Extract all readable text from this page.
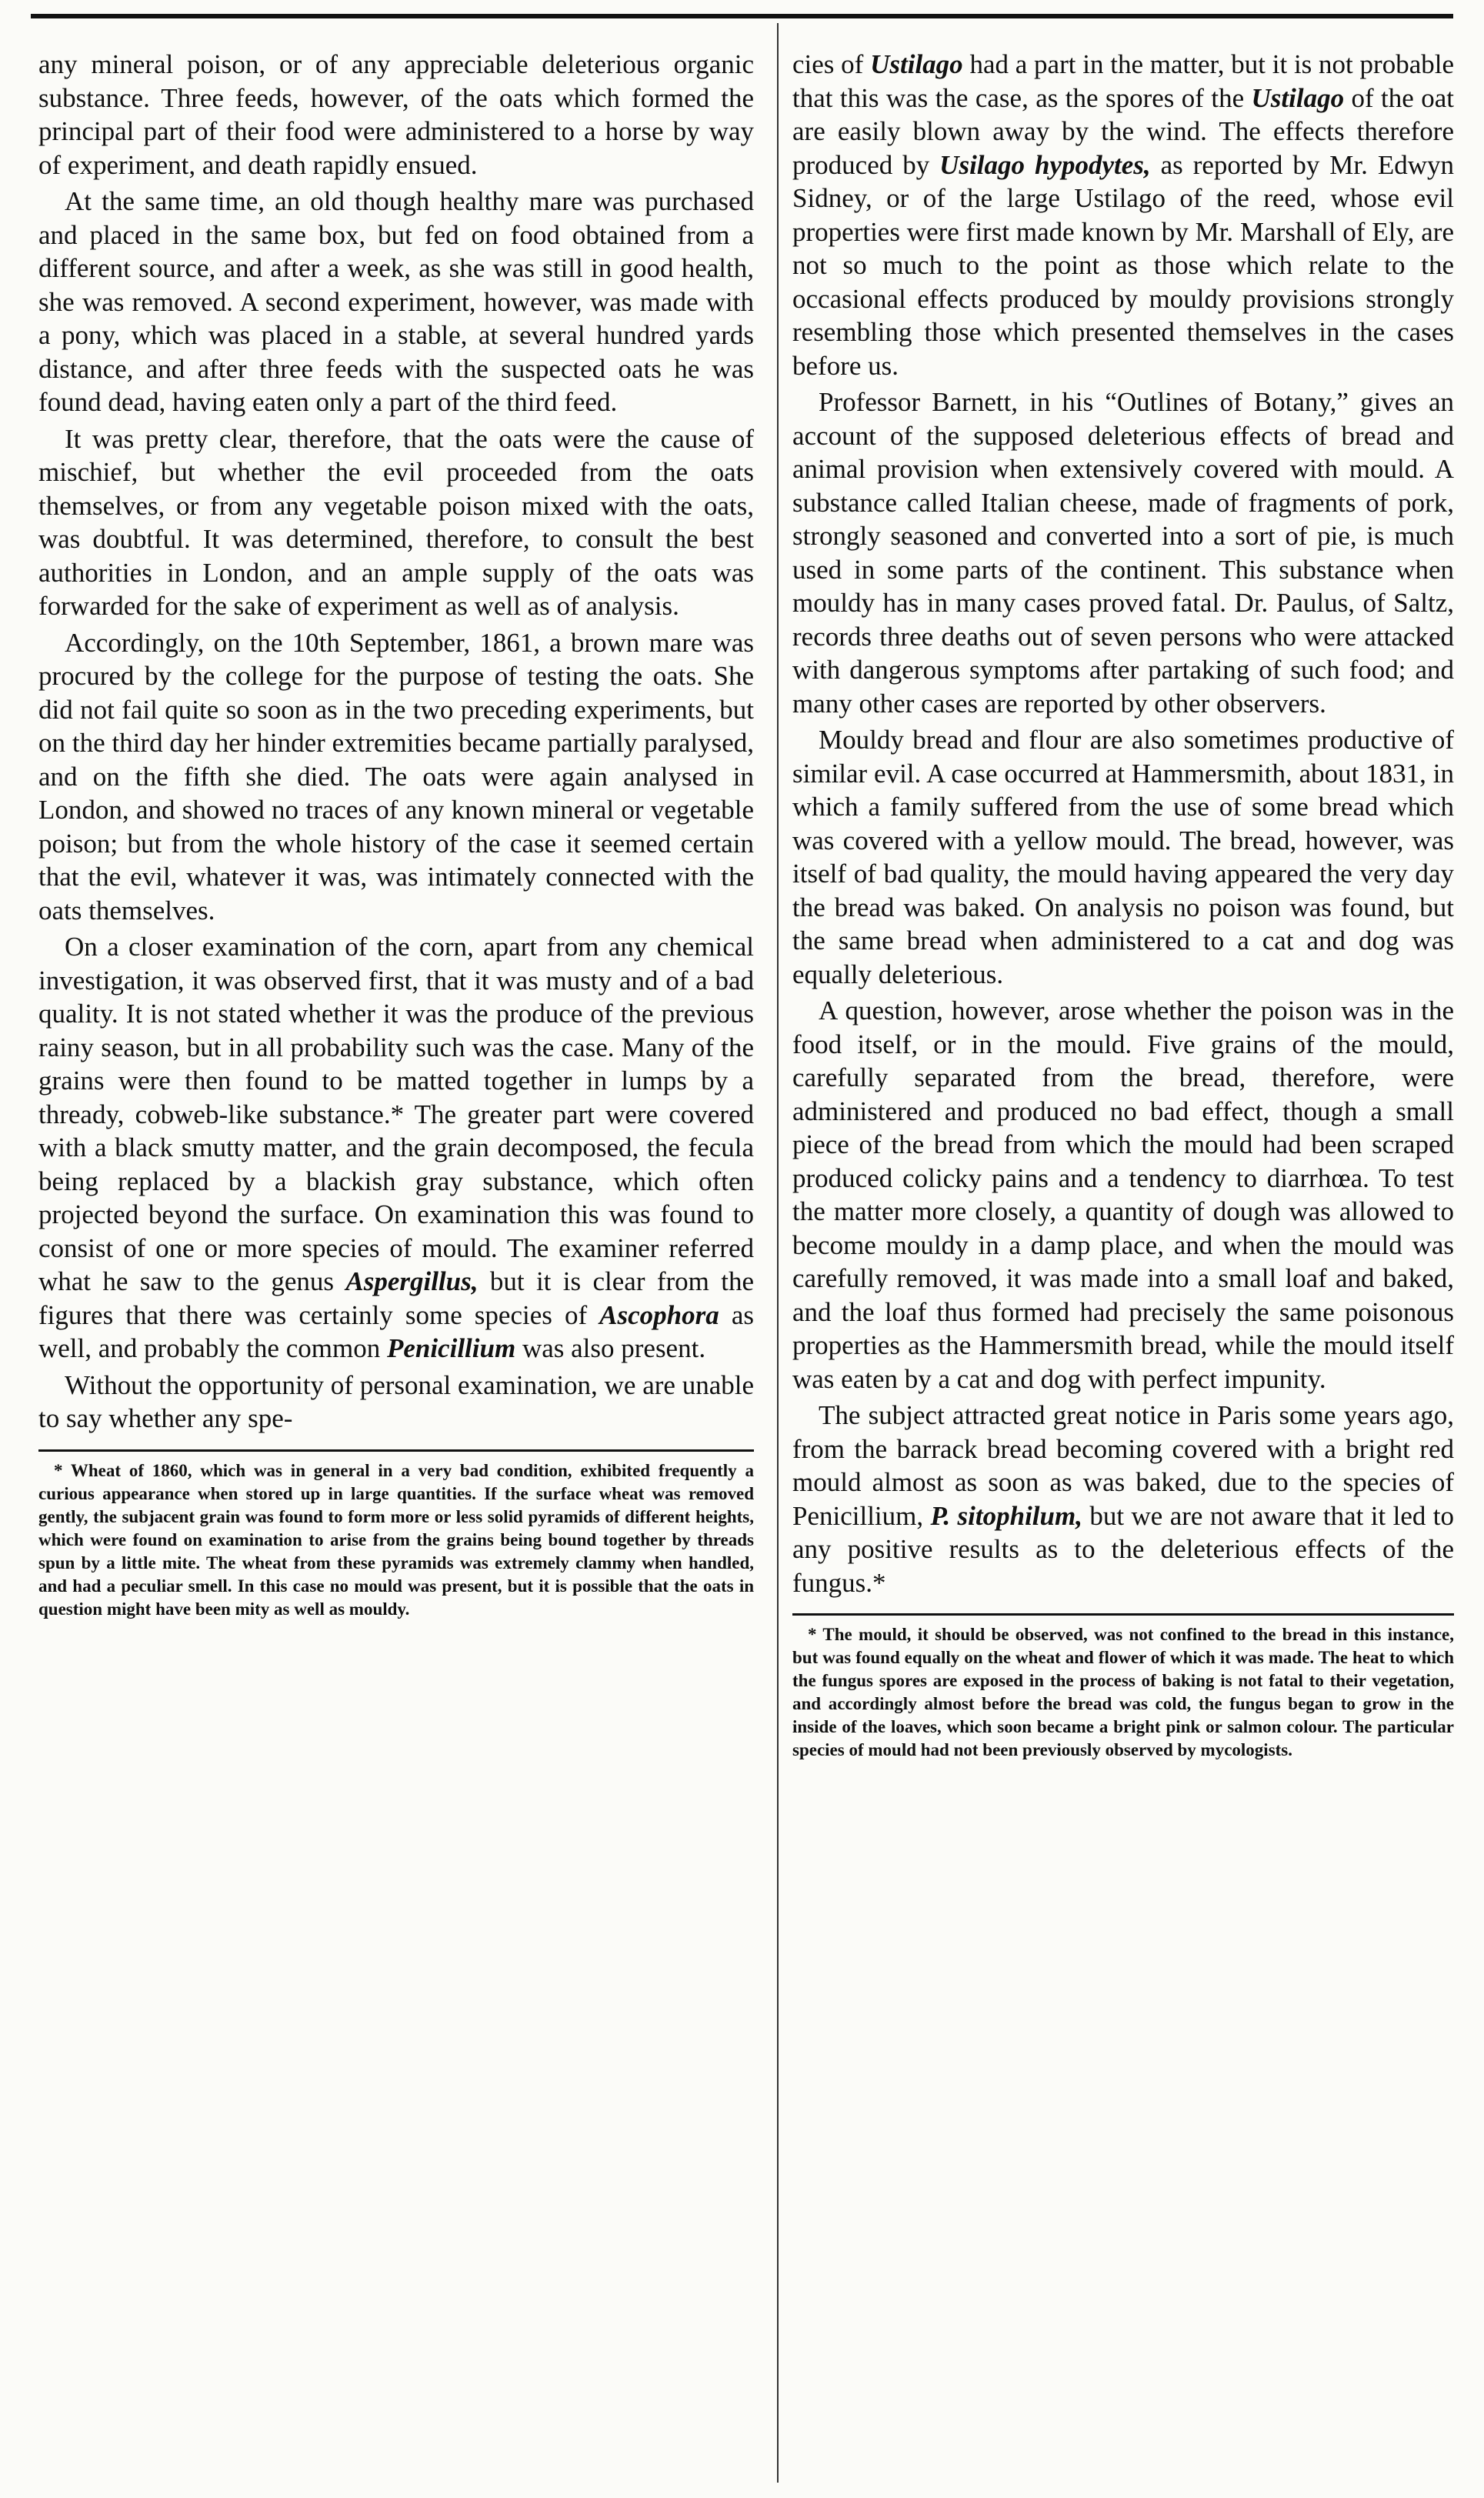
any mineral poison, or of any appreciable deleterious organic substance. Three feeds, however, of the oats which formed the principal part of their food were administered to a horse by way of experiment, and death rapidly ensued.

At the same time, an old though healthy mare was purchased and placed in the same box, but fed on food obtained from a different source, and after a week, as she was still in good health, she was removed. A second experiment, however, was made with a pony, which was placed in a stable, at several hundred yards distance, and after three feeds with the suspected oats he was found dead, having eaten only a part of the third feed.

It was pretty clear, therefore, that the oats were the cause of mischief, but whether the evil proceeded from the oats themselves, or from any vegetable poison mixed with the oats, was doubtful. It was determined, therefore, to consult the best authorities in London, and an ample supply of the oats was forwarded for the sake of experiment as well as of analysis.

Accordingly, on the 10th September, 1861, a brown mare was procured by the college for the purpose of testing the oats. She did not fail quite so soon as in the two preceding experiments, but on the third day her hinder extremities became partially paralysed, and on the fifth she died. The oats were again analysed in London, and showed no traces of any known mineral or vegetable poison; but from the whole history of the case it seemed certain that the evil, whatever it was, was intimately connected with the oats themselves.

On a closer examination of the corn, apart from any chemical investigation, it was observed first, that it was musty and of a bad quality. It is not stated whether it was the produce of the previous rainy season, but in all probability such was the case. Many of the grains were then found to be matted together in lumps by a thready, cobweb-like substance.* The greater part were covered with a black smutty matter, and the grain decomposed, the fecula being replaced by a blackish gray substance, which often projected beyond the surface. On examination this was found to consist of one or more species of mould. The examiner referred what he saw to the genus Aspergillus, but it is clear from the figures that there was certainly some species of Ascophora as well, and probably the common Penicillium was also present.

Without the opportunity of personal examination, we are unable to say whether any spe-

* Wheat of 1860, which was in general in a very bad condition, exhibited frequently a curious appearance when stored up in large quantities. If the surface wheat was removed gently, the subjacent grain was found to form more or less solid pyramids of different heights, which were found on examination to arise from the grains being bound together by threads spun by a little mite. The wheat from these pyramids was extremely clammy when handled, and had a peculiar smell. In this case no mould was present, but it is possible that the oats in question might have been mity as well as mouldy.

cies of Ustilago had a part in the matter, but it is not probable that this was the case, as the spores of the Ustilago of the oat are easily blown away by the wind. The effects therefore produced by Usilago hypodytes, as reported by Mr. Edwyn Sidney, or of the large Ustilago of the reed, whose evil properties were first made known by Mr. Marshall of Ely, are not so much to the point as those which relate to the occasional effects produced by mouldy provisions strongly resembling those which presented themselves in the cases before us.

Professor Barnett, in his “Outlines of Botany,” gives an account of the supposed deleterious effects of bread and animal provision when extensively covered with mould. A substance called Italian cheese, made of fragments of pork, strongly seasoned and converted into a sort of pie, is much used in some parts of the continent. This substance when mouldy has in many cases proved fatal. Dr. Paulus, of Saltz, records three deaths out of seven persons who were attacked with dangerous symptoms after partaking of such food; and many other cases are reported by other observers.

Mouldy bread and flour are also sometimes productive of similar evil. A case occurred at Hammersmith, about 1831, in which a family suffered from the use of some bread which was covered with a yellow mould. The bread, however, was itself of bad quality, the mould having appeared the very day the bread was baked. On analysis no poison was found, but the same bread when administered to a cat and dog was equally deleterious.

A question, however, arose whether the poison was in the food itself, or in the mould. Five grains of the mould, carefully separated from the bread, therefore, were administered and produced no bad effect, though a small piece of the bread from which the mould had been scraped produced colicky pains and a tendency to diarrhœa. To test the matter more closely, a quantity of dough was allowed to become mouldy in a damp place, and when the mould was carefully removed, it was made into a small loaf and baked, and the loaf thus formed had precisely the same poisonous properties as the Hammersmith bread, while the mould itself was eaten by a cat and dog with perfect impunity.

The subject attracted great notice in Paris some years ago, from the barrack bread becoming covered with a bright red mould almost as soon as was baked, due to the species of Penicillium, P. sitophilum, but we are not aware that it led to any positive results as to the deleterious effects of the fungus.*

* The mould, it should be observed, was not confined to the bread in this instance, but was found equally on the wheat and flower of which it was made. The heat to which the fungus spores are exposed in the process of baking is not fatal to their vegetation, and accordingly almost before the bread was cold, the fungus began to grow in the inside of the loaves, which soon became a bright pink or salmon colour. The particular species of mould had not been previously observed by mycologists.
